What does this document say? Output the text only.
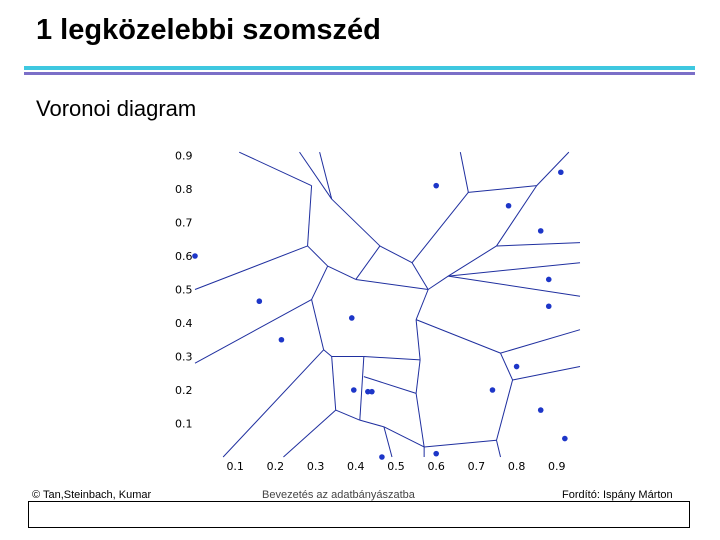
1 legközelebbi szomszéd
Voronoi diagram
0.1 0.2 0.3 0.4 0.5 0.6 0.7 0.8 0.9
0.1
0.2
0.3
0.4
0.5
0.6
0.7
0.8
0.9
© Tan,Steinbach, Kumar	Bevezetés az adatbányászatba	Fordító: Ispány Márton
